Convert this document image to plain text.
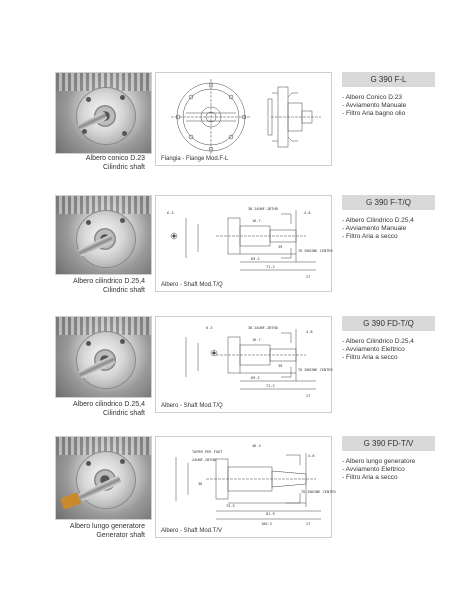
Albero conico D.23
Cilindric shaft
Flangia - Flange Mod.F-L
G 390 F-L
- Albero Conico D.23
- Avviamento Manuale
- Filtro Aria bagno olio
Albero cilindrico D.25,4
Cilindric shaft
6.3
38 24UNF-2BTHD
4.8
16.7
69.2
71.2
27
39
TO ENGINE CENTER
Albero - Shaft Mod.T/Q
G 390 F-T/Q
- Albero Cilindrico D.25,4
- Avviamento Manuale
- Filtro Aria a secco
Albero cilindrico D.25,4
Cilindric shaft
6.3	38 24UNF-2BTHD
4.8
16.7
69.2
71.2
27
39
TO ENGINE CENTER
Albero - Shaft Mod.T/Q
G 390 FD-T/Q
- Albero Cilindrico D.25,4
- Avviamento Elettrico
- Filtro Aria a secco
Albero lungo generatore
Generator shaft
46.3
TAPER PER FOOT
24UNF-2BTHD
4.8
36
75.5
81.9
106.3	27
TO ENGINE CENTER
Albero - Shaft Mod.T/V
G 390 FD-T/V
- Albero lungo generatore
- Avviamento Elettrico
- Filtro Aria a secco
